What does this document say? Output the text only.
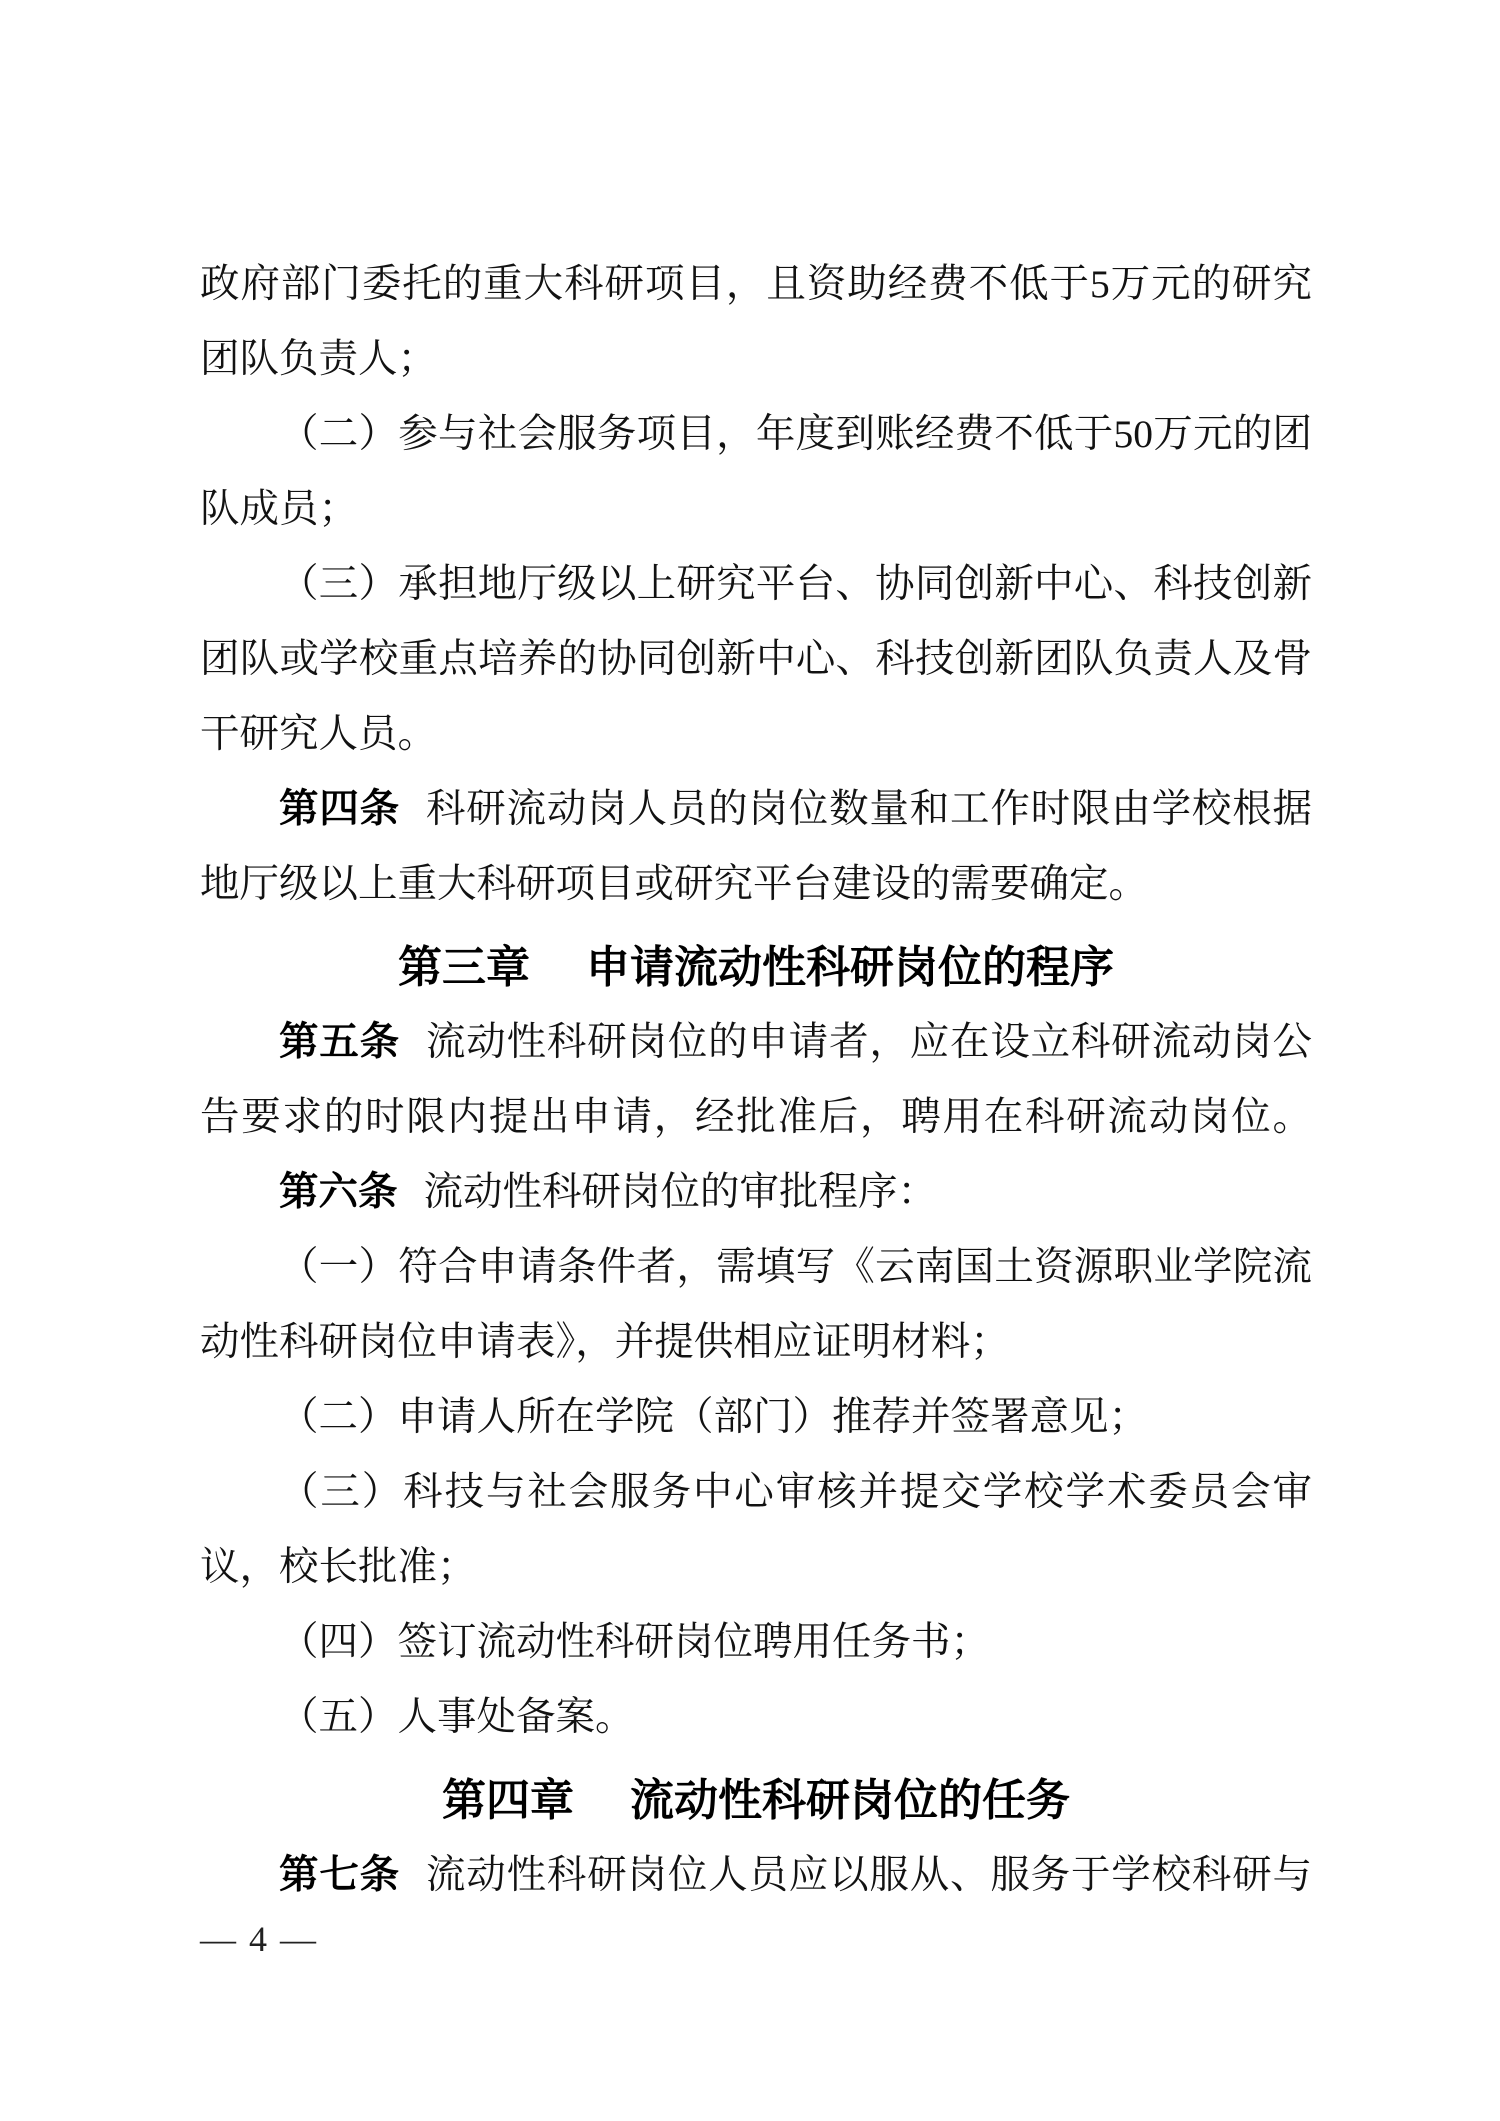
政府部门委托的重大科研项目，且资助经费不低于5万元的研究
团队负责人；
（二）参与社会服务项目，年度到账经费不低于50万元的团
队成员；
（三）承担地厅级以上研究平台、协同创新中心、科技创新
团队或学校重点培养的协同创新中心、科技创新团队负责人及骨
干研究人员。
第四条 科研流动岗人员的岗位数量和工作时限由学校根据
地厅级以上重大科研项目或研究平台建设的需要确定。
第三章 申请流动性科研岗位的程序
第五条 流动性科研岗位的申请者，应在设立科研流动岗公
告要求的时限内提出申请，经批准后，聘用在科研流动岗位。
第六条 流动性科研岗位的审批程序：
（一）符合申请条件者，需填写《云南国土资源职业学院流
动性科研岗位申请表》，并提供相应证明材料；
（二）申请人所在学院（部门）推荐并签署意见；
（三）科技与社会服务中心审核并提交学校学术委员会审
议，校长批准；
（四）签订流动性科研岗位聘用任务书；
（五）人事处备案。
第四章 流动性科研岗位的任务
第七条 流动性科研岗位人员应以服从、服务于学校科研与
— 4 —
